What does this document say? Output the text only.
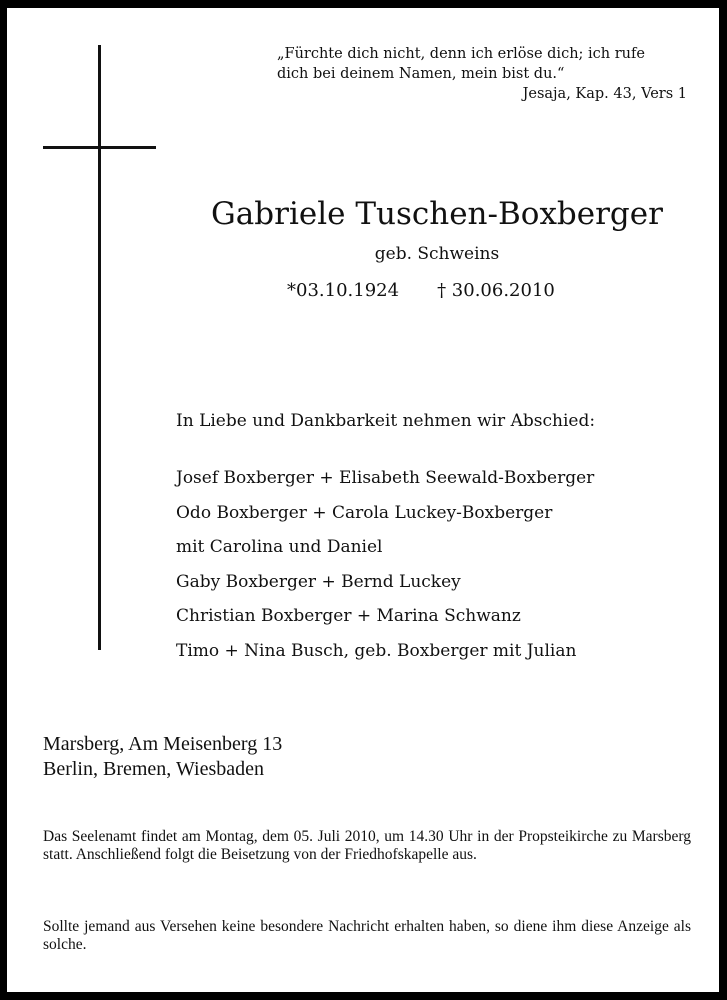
„Fürchte dich nicht, denn ich erlöse dich; ich rufe
dich bei deinem Namen, mein bist du.“
Jesaja, Kap. 43, Vers 1
Gabriele Tuschen-Boxberger
geb. Schweins
*03.10.1924 † 30.06.2010
In Liebe und Dankbarkeit nehmen wir Abschied:
Josef Boxberger + Elisabeth Seewald-Boxberger
Odo Boxberger + Carola Luckey-Boxberger
mit Carolina und Daniel
Gaby Boxberger + Bernd Luckey
Christian Boxberger + Marina Schwanz
Timo + Nina Busch, geb. Boxberger mit Julian
Marsberg, Am Meisenberg 13
Berlin, Bremen, Wiesbaden
Das Seelenamt findet am Montag, dem 05. Juli 2010, um 14.30 Uhr in der Propsteikirche zu Marsberg statt. Anschließend folgt die Beisetzung von der Friedhofskapelle aus.
Sollte jemand aus Versehen keine besondere Nachricht erhalten haben, so diene ihm diese Anzeige als solche.
